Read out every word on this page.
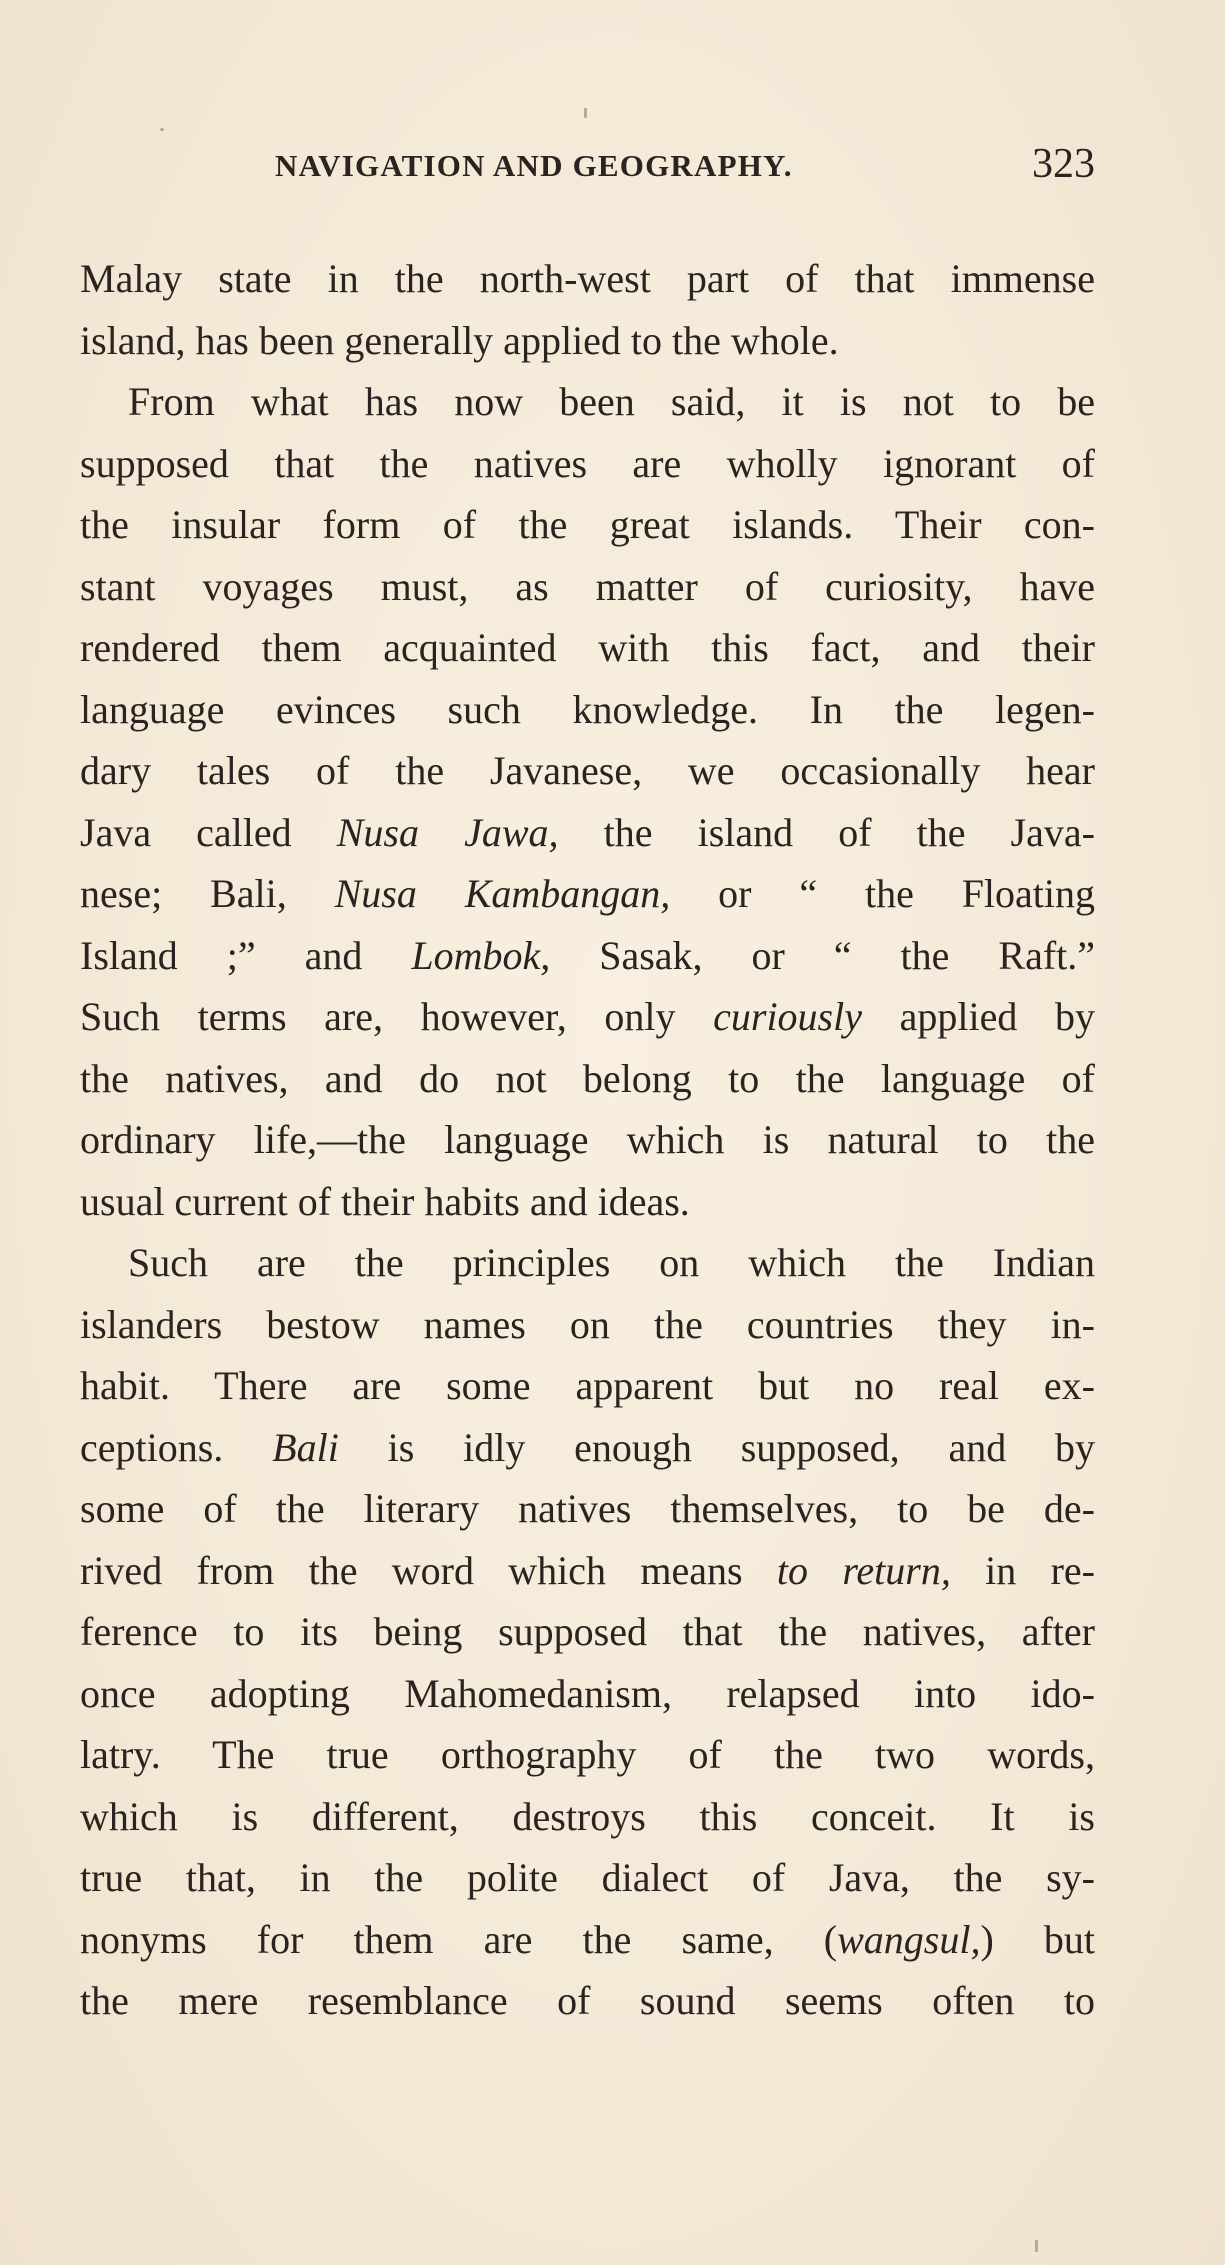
NAVIGATION AND GEOGRAPHY.	323
Malay state in the north-west part of that immense
island, has been generally applied to the whole.
From what has now been said, it is not to be
supposed that the natives are wholly ignorant of
the insular form of the great islands. Their con-
stant voyages must, as matter of curiosity, have
rendered them acquainted with this fact, and their
language evinces such knowledge. In the legen-
dary tales of the Javanese, we occasionally hear
Java called Nusa Jawa, the island of the Java-
nese; Bali, Nusa Kambangan, or “ the Floating
Island ;” and Lombok, Sasak, or “ the Raft.”
Such terms are, however, only curiously applied by
the natives, and do not belong to the language of
ordinary life,—the language which is natural to the
usual current of their habits and ideas.
Such are the principles on which the Indian
islanders bestow names on the countries they in-
habit. There are some apparent but no real ex-
ceptions. Bali is idly enough supposed, and by
some of the literary natives themselves, to be de-
rived from the word which means to return, in re-
ference to its being supposed that the natives, after
once adopting Mahomedanism, relapsed into ido-
latry. The true orthography of the two words,
which is different, destroys this conceit. It is
true that, in the polite dialect of Java, the sy-
nonyms for them are the same, (wangsul,) but
the mere resemblance of sound seems often to
